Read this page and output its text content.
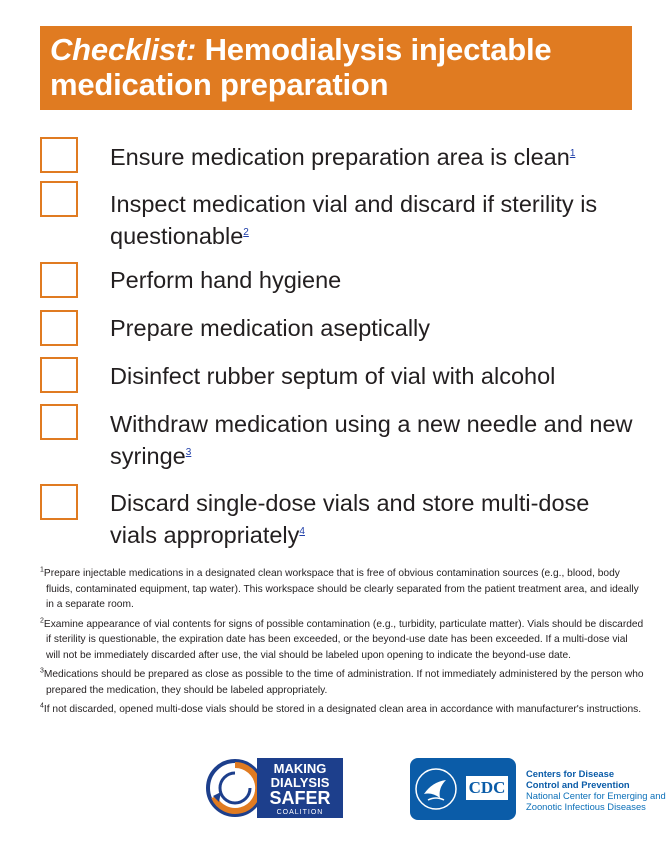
Checklist: Hemodialysis injectable
medication preparation
Ensure medication preparation area is clean$^1$
Inspect medication vial and discard if sterility is questionable$^2$
Perform hand hygiene
Prepare medication aseptically
Disinfect rubber septum of vial with alcohol
Withdraw medication using a new needle and new syringe$^3$
Discard single-dose vials and store multi-dose vials appropriately$^4$
$^1$Prepare injectable medications in a designated clean workspace that is free of obvious contamination sources (e.g., blood, body fluids, contaminated equipment, tap water). This workspace should be clearly separated from the patient treatment area, and ideally in a separate room.
$^2$Examine appearance of vial contents for signs of possible contamination (e.g., turbidity, particulate matter). Vials should be discarded if sterility is questionable, the expiration date has been exceeded, or the beyond-use date has been exceeded. If a multi-dose vial will not be immediately discarded after use, the vial should be labeled upon opening to indicate the beyond-use date.
$^3$Medications should be prepared as close as possible to the time of administration. If not immediately administered by the person who prepared the medication, they should be labeled appropriately.
$^4$If not discarded, opened multi-dose vials should be stored in a designated clean area in accordance with manufacturer's instructions.
MAKING
DIALYSIS
SAFER
COALITION
CDC
Centers for Disease
Control and Prevention
National Center for Emerging and
Zoonotic Infectious Diseases
